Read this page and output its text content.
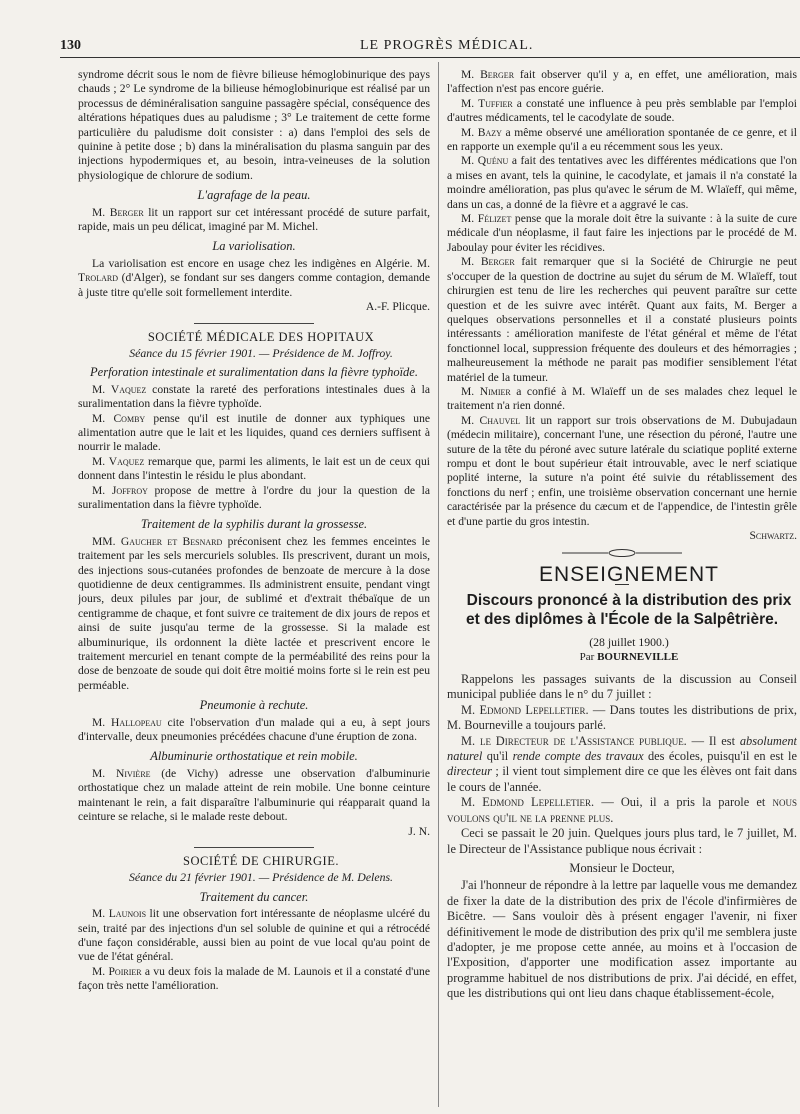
130	LE PROGRÈS MÉDICAL.

syndrome décrit sous le nom de fièvre bilieuse hémoglobinurique des pays chauds ; 2° Le syndrome de la bilieuse hémoglobinurique est réalisé par un processus de déminéralisation sanguine passagère spécial, conséquence des altérations hépatiques dues au paludisme ; 3° Le traitement de cette forme particulière du paludisme doit consister : a) dans l'emploi des sels de quinine à petite dose ; b) dans la minéralisation du plasma sanguin par des injections hypodermiques et, au besoin, intra-veineuses de la solution physiologique de chlorure de sodium.

L'agrafage de la peau.

M. Berger lit un rapport sur cet intéressant procédé de suture parfait, rapide, mais un peu délicat, imaginé par M. Michel.

La variolisation.

La variolisation est encore en usage chez les indigènes en Algérie. M. Trolard (d'Alger), se fondant sur ses dangers comme contagion, demande à juste titre qu'elle soit formellement interdite.

A.-F. Plicque.

SOCIÉTÉ MÉDICALE DES HOPITAUX

Séance du 15 février 1901. — Présidence de M. Joffroy.

Perforation intestinale et suralimentation dans la fièvre typhoïde.

M. Vaquez constate la rareté des perforations intestinales dues à la suralimentation dans la fièvre typhoïde.

M. Comby pense qu'il est inutile de donner aux typhiques une alimentation autre que le lait et les liquides, quand ces derniers suffisent à nourrir le malade.

M. Vaquez remarque que, parmi les aliments, le lait est un de ceux qui donnent dans l'intestin le résidu le plus abondant.

M. Joffroy propose de mettre à l'ordre du jour la question de la suralimentation dans la fièvre typhoïde.

Traitement de la syphilis durant la grossesse.

MM. Gaucher et Besnard préconisent chez les femmes enceintes le traitement par les sels mercuriels solubles. Ils prescrivent, durant un mois, des injections sous-cutanées profondes de benzoate de mercure à la dose quotidienne de deux centigrammes. Ils administrent ensuite, pendant vingt jours, deux pilules par jour, de sublimé et d'extrait thébaïque de un centigramme de chaque, et font suivre ce traitement de dix jours de repos et ainsi de suite jusqu'au terme de la grossesse. Si la malade est albuminurique, ils ordonnent la diète lactée et prescrivent encore le traitement mercuriel en tenant compte de la perméabilité des reins pour la dose de benzoate de soude qui doit être moitié moins forte si le rein est peu perméable.

Pneumonie à rechute.

M. Hallopeau cite l'observation d'un malade qui a eu, à sept jours d'intervalle, deux pneumonies précédées chacune d'une éruption de zona.

Albuminurie orthostatique et rein mobile.

M. Nivière (de Vichy) adresse une observation d'albuminurie orthostatique chez un malade atteint de rein mobile. Une bonne ceinture maintenant le rein, a fait disparaître l'albuminurie qui réapparait quand la ceinture se relache, si le malade reste debout.

J. N.

SOCIÉTÉ DE CHIRURGIE.

Séance du 21 février 1901. — Présidence de M. Delens.

Traitement du cancer.

M. Launois lit une observation fort intéressante de néoplasme ulcéré du sein, traité par des injections d'un sel soluble de quinine et qui a rétrocédé d'une façon considérable, aussi bien au point de vue local qu'au point de vue de l'état général.

M. Poirier a vu deux fois la malade de M. Launois et il a constaté d'une façon très nette l'amélioration.

M. Berger fait observer qu'il y a, en effet, une amélioration, mais l'affection n'est pas encore guérie.

M. Tuffier a constaté une influence à peu près semblable par l'emploi d'autres médicaments, tel le cacodylate de soude.

M. Bazy a même observé une amélioration spontanée de ce genre, et il en rapporte un exemple qu'il a eu récemment sous les yeux.

M. Quénu a fait des tentatives avec les différentes médications que l'on a mises en avant, tels la quinine, le cacodylate, et jamais il n'a constaté la moindre amélioration, pas plus qu'avec le sérum de M. Wlaïeff, qui même, dans un cas, a donné de la fièvre et a aggravé le cas.

M. Félizet pense que la morale doit être la suivante : à la suite de cure médicale d'un néoplasme, il faut faire les injections par le procédé de M. Jaboulay pour éviter les récidives.

M. Berger fait remarquer que si la Société de Chirurgie ne peut s'occuper de la question de doctrine au sujet du sérum de M. Wlaïeff, tout chirurgien est tenu de lire les recherches qui peuvent paraître sur cette question et de les suivre avec intérêt. Quant aux faits, M. Berger a quelques observations personnelles et il a constaté plusieurs points intéressants : amélioration manifeste de l'état général et même de l'état fonctionnel local, suppression fréquente des douleurs et des hémorragies ; malheureusement la méthode ne parait pas modifier sensiblement l'état matériel de la tumeur.

M. Nimier a confié à M. Wlaïeff un de ses malades chez lequel le traitement n'a rien donné.

M. Chauvel lit un rapport sur trois observations de M. Dubujadaun (médecin militaire), concernant l'une, une résection du péroné, l'autre une suture de la tête du péroné avec suture latérale du sciatique poplité externe rompu et dont le bout supérieur était introuvable, avec le nerf sciatique poplité interne, la suture n'a point été suivie du rétablissement des fonctions du nerf ; enfin, une troisième observation concernant une hernie caractérisée par la présence du cæcum et de l'appendice, de l'intestin grêle et d'une partie du gros intestin.

Schwartz.

ENSEIGNEMENT

Discours prononcé à la distribution des prix et des diplômes à l'École de la Salpêtrière.

(28 juillet 1900.)

Par BOURNEVILLE

Rappelons les passages suivants de la discussion au Conseil municipal publiée dans le n° du 7 juillet :

M. Edmond Lepelletier. — Dans toutes les distributions de prix, M. Bourneville a toujours parlé.

M. le Directeur de l'Assistance publique. — Il est absolument naturel qu'il rende compte des travaux des écoles, puisqu'il en est le directeur ; il vient tout simplement dire ce que les élèves ont fait dans le cours de l'année.

M. Edmond Lepelletier. — Oui, il a pris la parole et nous voulons qu'il ne la prenne plus.

Ceci se passait le 20 juin. Quelques jours plus tard, le 7 juillet, M. le Directeur de l'Assistance publique nous écrivait :

Monsieur le Docteur,

J'ai l'honneur de répondre à la lettre par laquelle vous me demandez de fixer la date de la distribution des prix de l'école d'infirmières de Bicêtre. — Sans vouloir dès à présent engager l'avenir, ni fixer définitivement le mode de distribution des prix qu'il me semblera juste d'adopter, je me propose cette année, au moins et à l'occasion de l'Exposition, d'apporter une modification assez importante au programme habituel de nos distributions de prix. J'ai décidé, en effet, que les distributions qui ont lieu dans chaque établissement-école,
